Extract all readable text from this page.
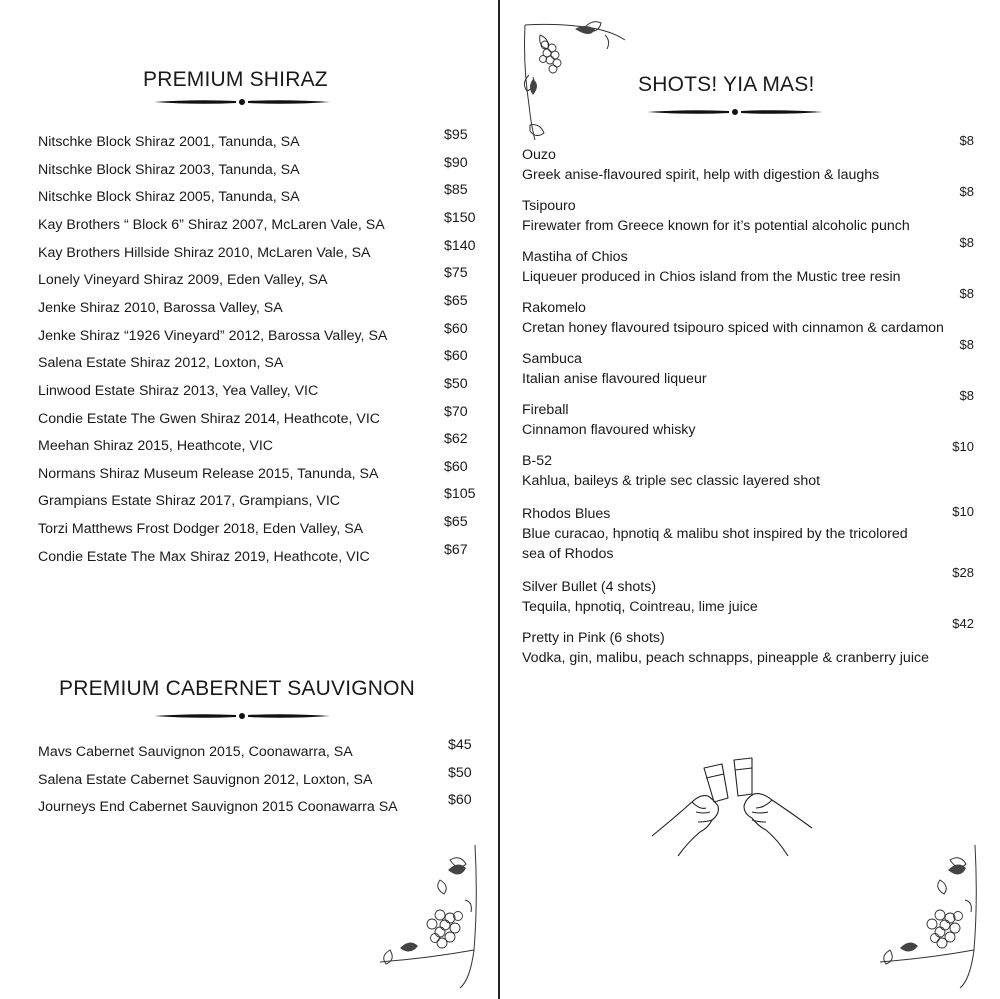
PREMIUM SHIRAZ
Nitschke Block Shiraz 2001, Tanunda, SA	$95
Nitschke Block Shiraz 2003, Tanunda, SA	$90
Nitschke Block Shiraz 2005, Tanunda, SA	$85
Kay Brothers “ Block 6” Shiraz 2007, McLaren Vale, SA	$150
Kay Brothers Hillside Shiraz 2010, McLaren Vale, SA	$140
Lonely Vineyard Shiraz 2009, Eden Valley, SA	$75
Jenke Shiraz 2010, Barossa Valley, SA	$65
Jenke Shiraz “1926 Vineyard” 2012, Barossa Valley, SA	$60
Salena Estate Shiraz 2012, Loxton, SA	$60
Linwood Estate Shiraz 2013, Yea Valley, VIC	$50
Condie Estate The Gwen Shiraz 2014, Heathcote, VIC	$70
Meehan Shiraz 2015, Heathcote, VIC	$62
Normans Shiraz Museum Release 2015, Tanunda, SA	$60
Grampians Estate Shiraz 2017, Grampians, VIC	$105
Torzi Matthews Frost Dodger 2018, Eden Valley, SA	$65
Condie Estate The Max Shiraz 2019, Heathcote, VIC	$67
PREMIUM CABERNET SAUVIGNON
Mavs Cabernet Sauvignon 2015, Coonawarra, SA	$45
Salena Estate Cabernet Sauvignon 2012, Loxton, SA	$50
Journeys End Cabernet Sauvignon 2015 Coonawarra SA	$60
SHOTS! YIA MAS!
Ouzo
Greek anise-flavoured spirit, help with digestion & laughs
$8
Tsipouro
Firewater from Greece known for it’s potential alcoholic punch
$8
Mastiha of Chios
Liqueuer produced in Chios island from the Mustic tree resin
$8
Rakomelo
Cretan honey flavoured tsipouro spiced with cinnamon & cardamon
$8
Sambuca
Italian anise flavoured liqueur
$8
Fireball
Cinnamon flavoured whisky
$8
B-52
Kahlua, baileys & triple sec classic layered shot
$10
Rhodos Blues
Blue curacao, hpnotiq & malibu shot inspired by the tricolored sea of Rhodos
$10
Silver Bullet (4 shots)
Tequila, hpnotiq, Cointreau, lime juice
$28
Pretty in Pink (6 shots)
Vodka, gin, malibu, peach schnapps, pineapple & cranberry juice
$42
